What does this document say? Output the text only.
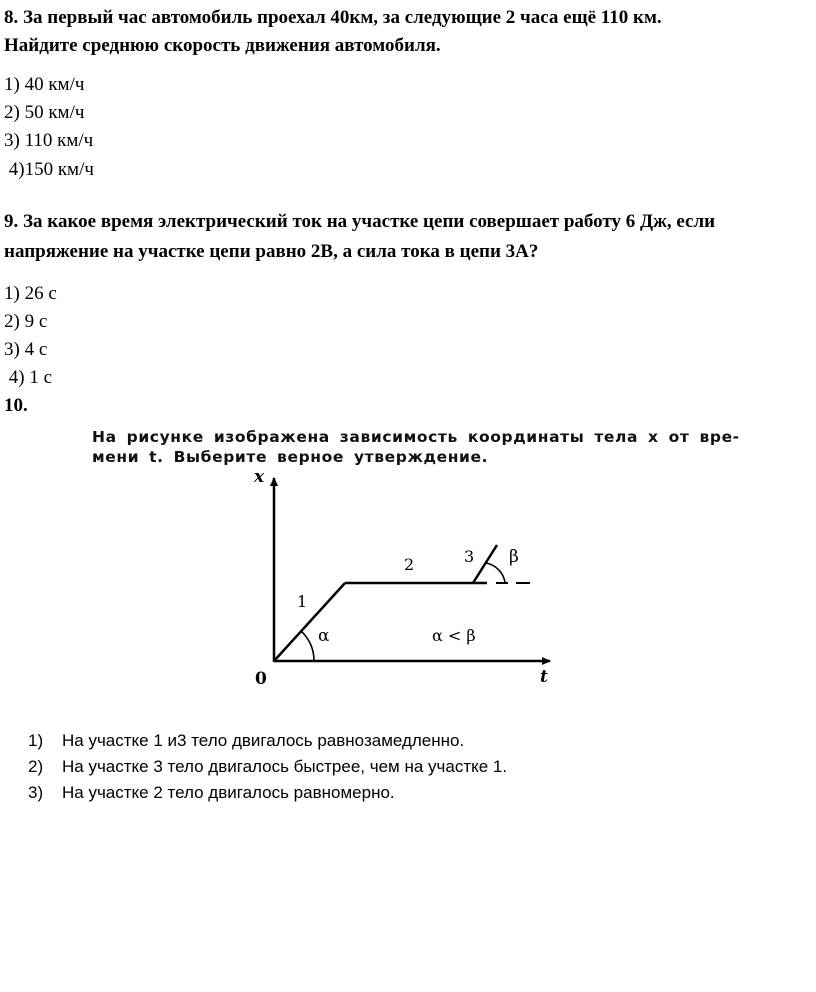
8. За первый час автомобиль проехал 40км, за следующие 2 часа ещё 110 км.

Найдите среднюю скорость движения автомобиля.

1) 40 км/ч

2) 50 км/ч

3) 110 км/ч

4)150 км/ч

9. За какое время электрический ток на участке цепи совершает работу 6 Дж, если

напряжение на участке цепи равно 2В, а сила тока в цепи 3А?

1) 26 с

2) 9 с

3) 4 с

4) 1 с

10.

На рисунке изображена зависимость координаты тела x от вре-

мени t. Выберите верное утверждение.

x
t
0
1
2	3
α
β
α < β
1)	На участке 1 и3 тело двигалось равнозамедленно.
2)	На участке 3 тело двигалось быстрее, чем на участке 1.
3)	На участке 2 тело двигалось равномерно.
